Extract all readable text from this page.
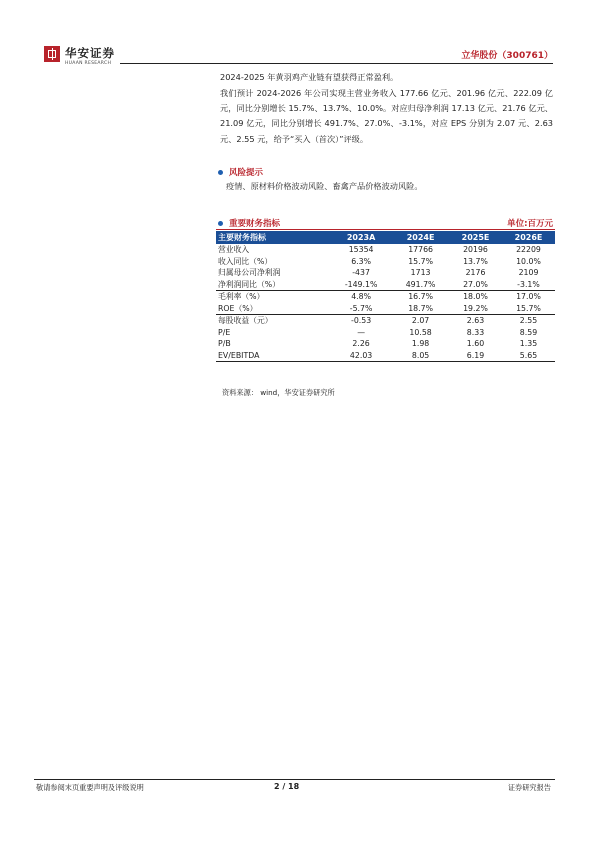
华安证券
HUAAN RESEARCH
立华股份（300761）
2024-2025 年黄羽鸡产业链有望获得正常盈利。
我们预计 2024-2026 年公司实现主营业务收入 177.66 亿元、201.96 亿元、222.09 亿元，同比分别增长 15.7%、13.7%、10.0%。对应归母净利润 17.13 亿元、21.76 亿元、21.09 亿元，同比分别增长 491.7%、27.0%、-3.1%，对应 EPS 分别为 2.07 元、2.63 元、2.55 元，给予“买入（首次）”评级。
风险提示
疫情、原材料价格波动风险、畜禽产品价格波动风险。
重要财务指标	单位:百万元
主要财务指标	2023A	2024E	2025E	2026E
营业收入	15354	17766	20196	22209
收入同比（%）	6.3%	15.7%	13.7%	10.0%
归属母公司净利润	-437	1713	2176	2109
净利润同比（%）	-149.1%	491.7%	27.0%	-3.1%
毛利率（%）	4.8%	16.7%	18.0%	17.0%
ROE（%）	-5.7%	18.7%	19.2%	15.7%
每股收益（元）	-0.53	2.07	2.63	2.55
P/E	—	10.58	8.33	8.59
P/B	2.26	1.98	1.60	1.35
EV/EBITDA	42.03	8.05	6.19	5.65
资料来源： wind，华安证券研究所
敬请参阅末页重要声明及评级说明	2 / 18	证券研究报告
